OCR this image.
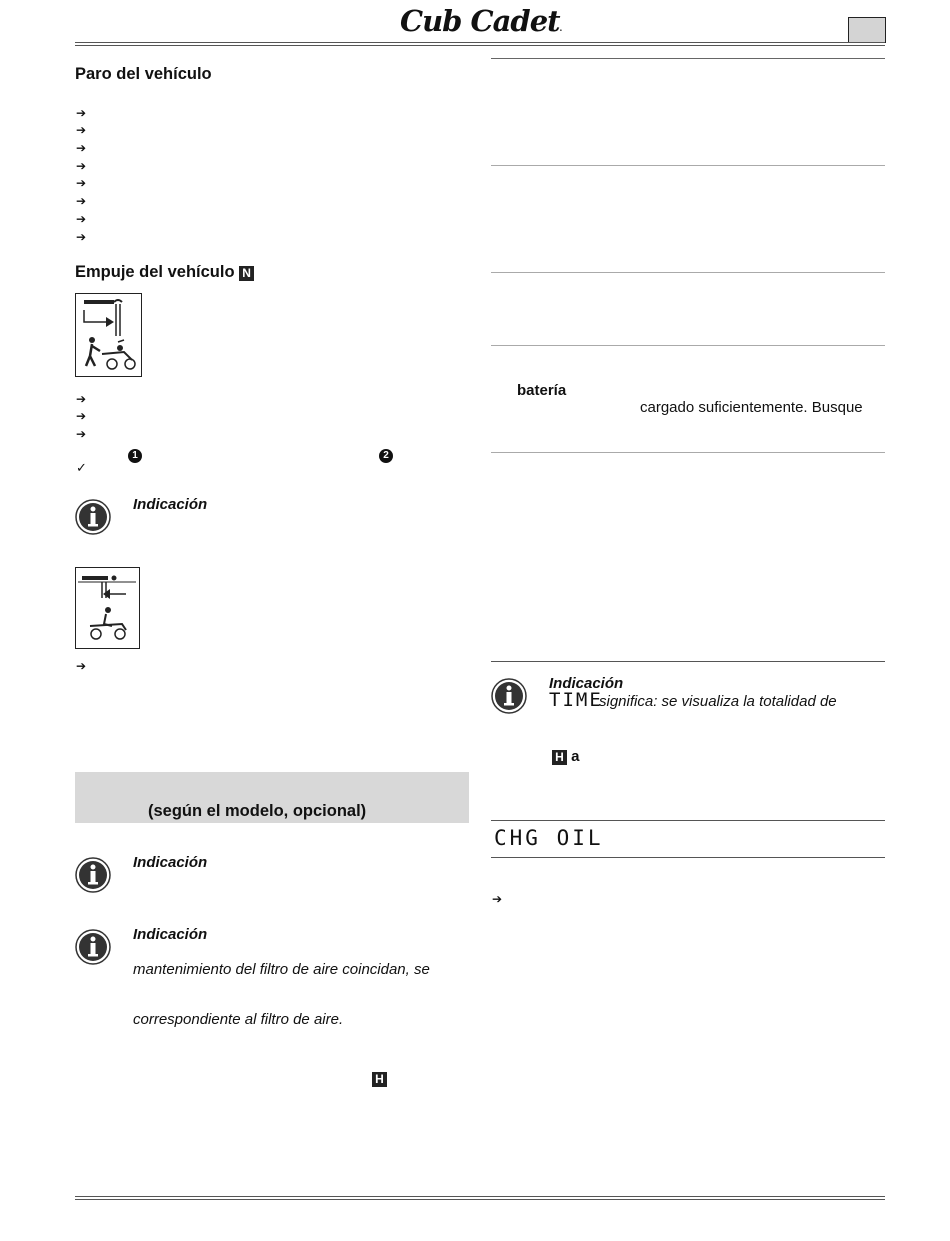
Cub Cadet.
Paro del vehículo
➔
➔
➔
➔
➔
➔
➔
➔
Empuje del vehículo N
➔
➔
➔
1	2
✓
Indicación
➔
(según el modelo, opcional)
Indicación
Indicación
mantenimiento del filtro de aire coincidan, se
correspondiente al filtro de aire.
H
batería
cargado suficientemente. Busque
Indicación
TIME
significa: se visualiza la totalidad de
H a
CHG OIL
➔
